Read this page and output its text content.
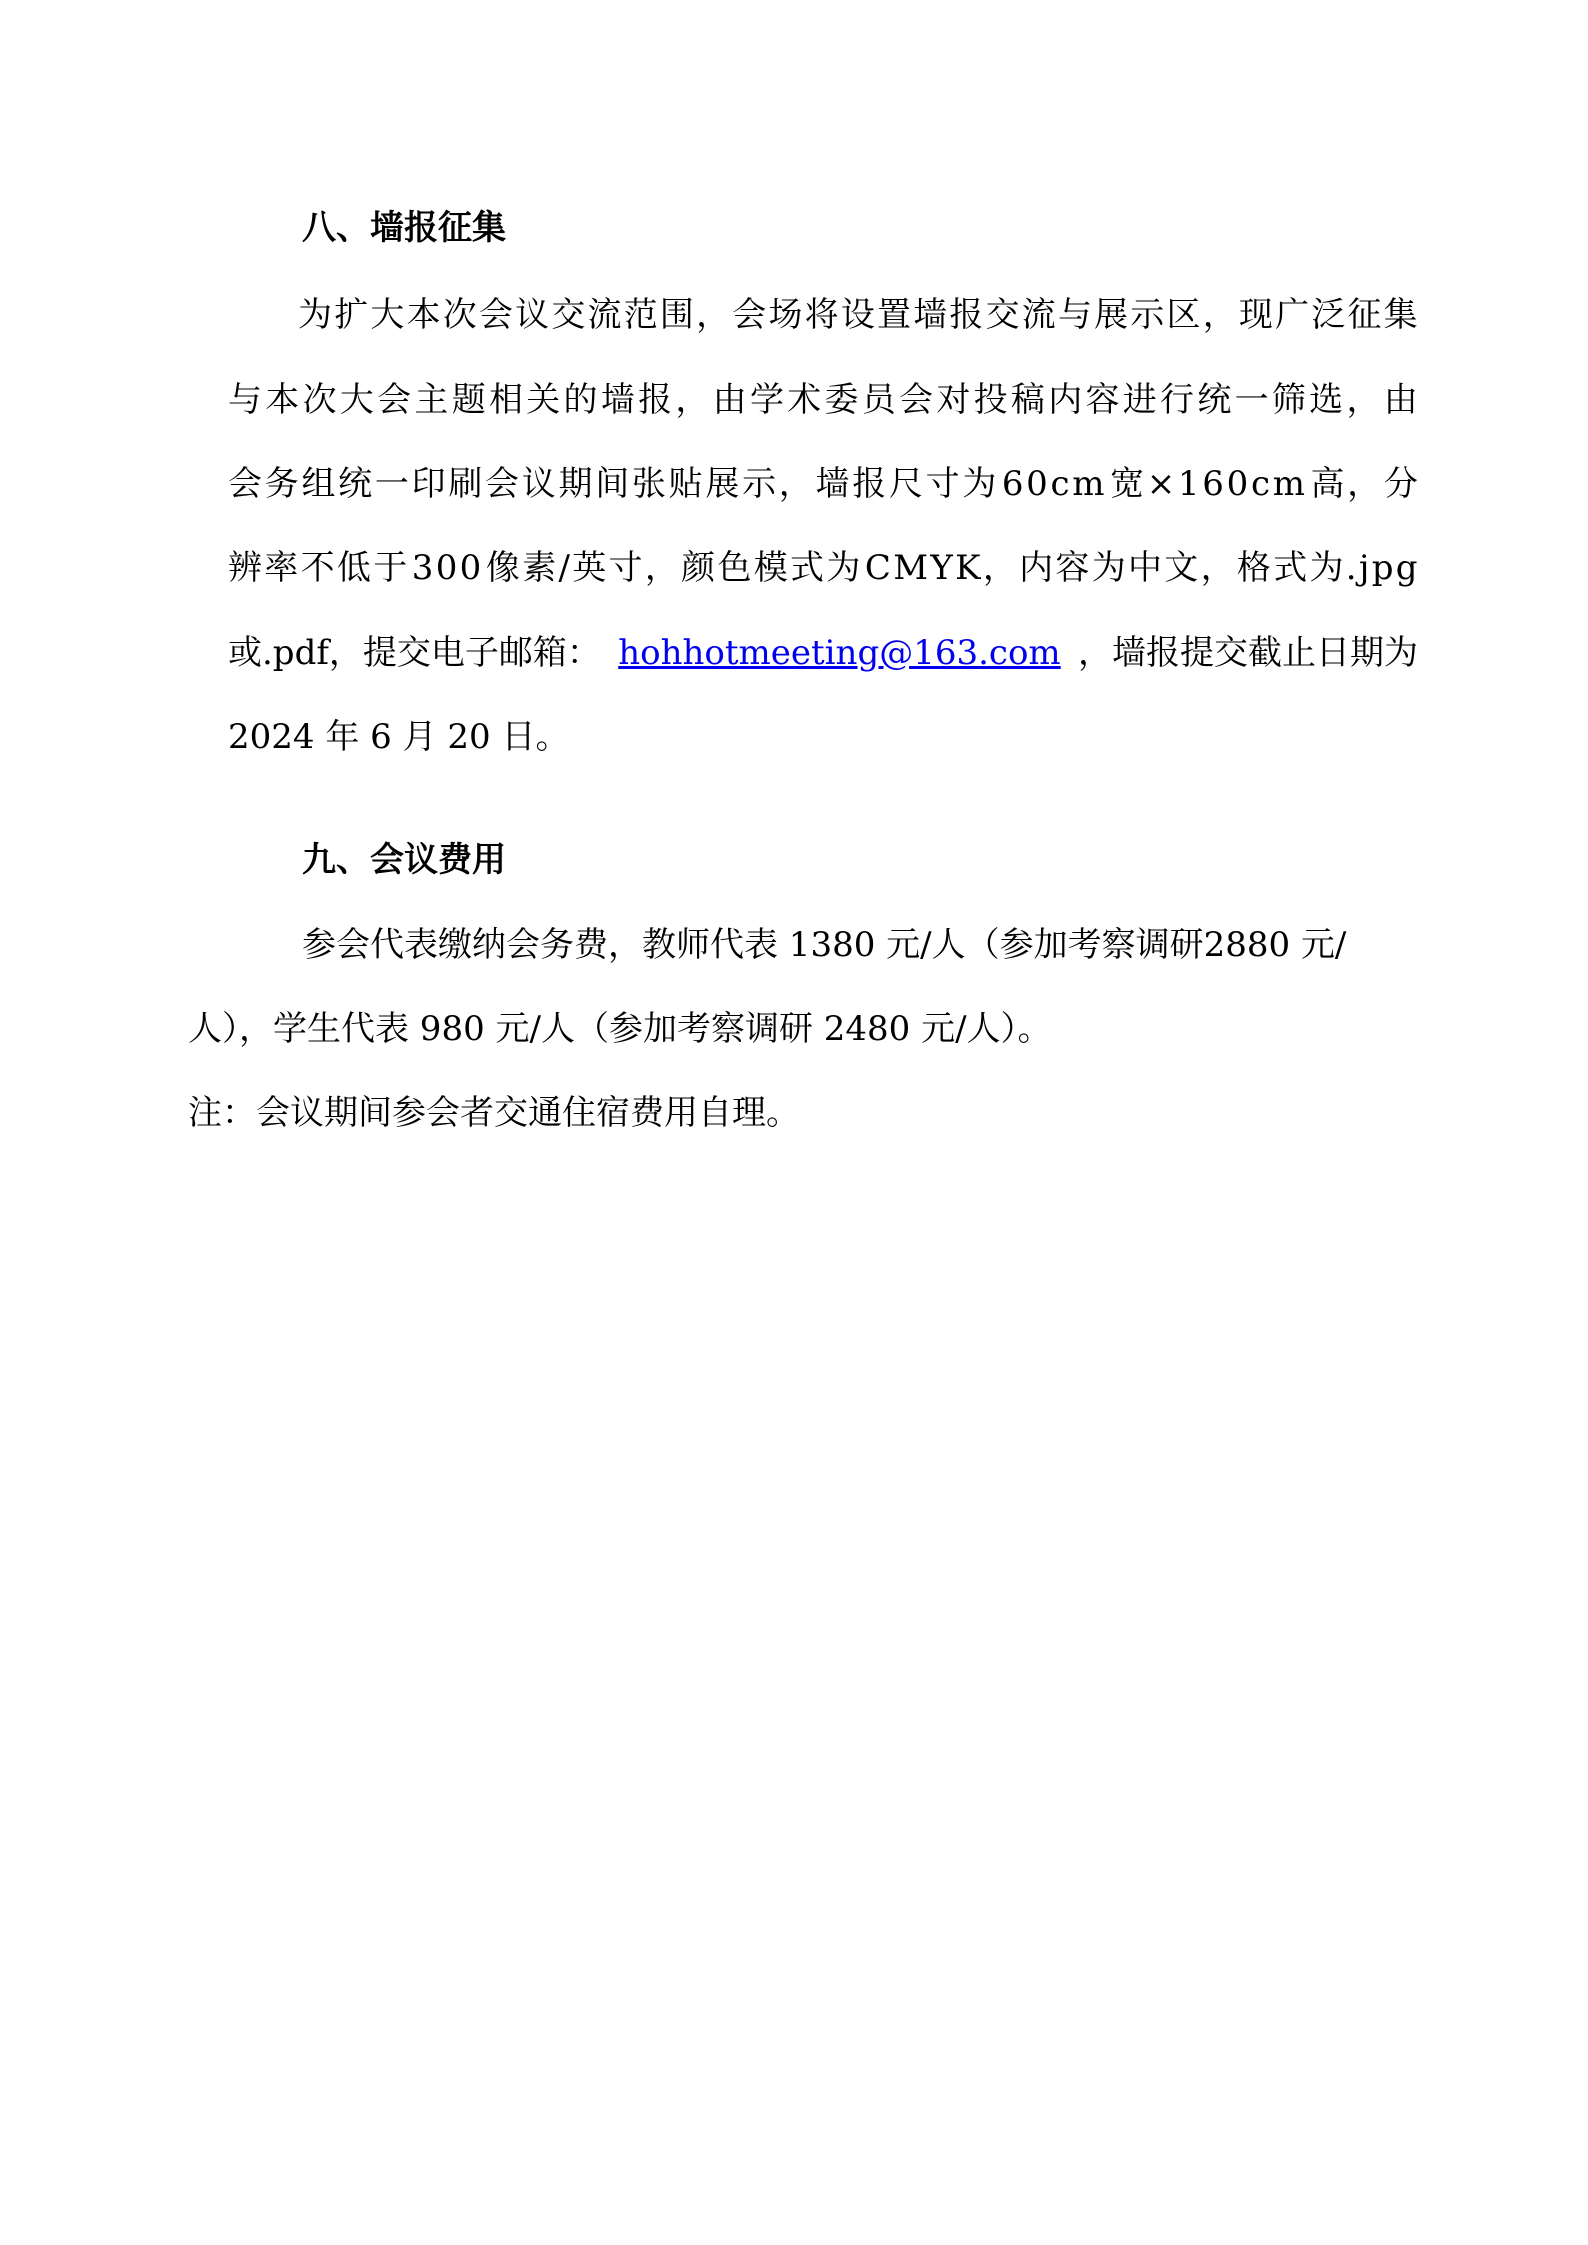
八、墙报征集
为 扩 大 本 次 会 议 交 流 范 围 ， 会 场 将 设 置 墙 报 交 流 与 展 示 区 ， 现 广 泛 征 集
与 本 次 大 会 主 题 相 关 的 墙 报 ， 由 学 术 委 员 会 对 投 稿 内 容 进 行 统 一 筛 选 ， 由
会 务 组 统 一 印 刷 会 议 期 间 张 贴 展 示 ， 墙 报 尺 寸 为 6 0 c m 宽 × 1 6 0 c m 高 ， 分
辨 率 不 低 于 3 0 0 像 素 / 英 寸 ， 颜 色 模 式 为 C M Y K ， 内 容 为 中 文 ， 格 式 为 . j p g
或.pdf，提交电子邮箱： hohhotmeeting@163.com ，墙报提交截止日期为
2024 年 6 月 20 日。
九、会议费用
参会代表缴纳会务费，教师代表 1380 元/人（参加考察调研2880 元/
人），学生代表 980 元/人（参加考察调研 2480 元/人）。
注：会议期间参会者交通住宿费用自理。
